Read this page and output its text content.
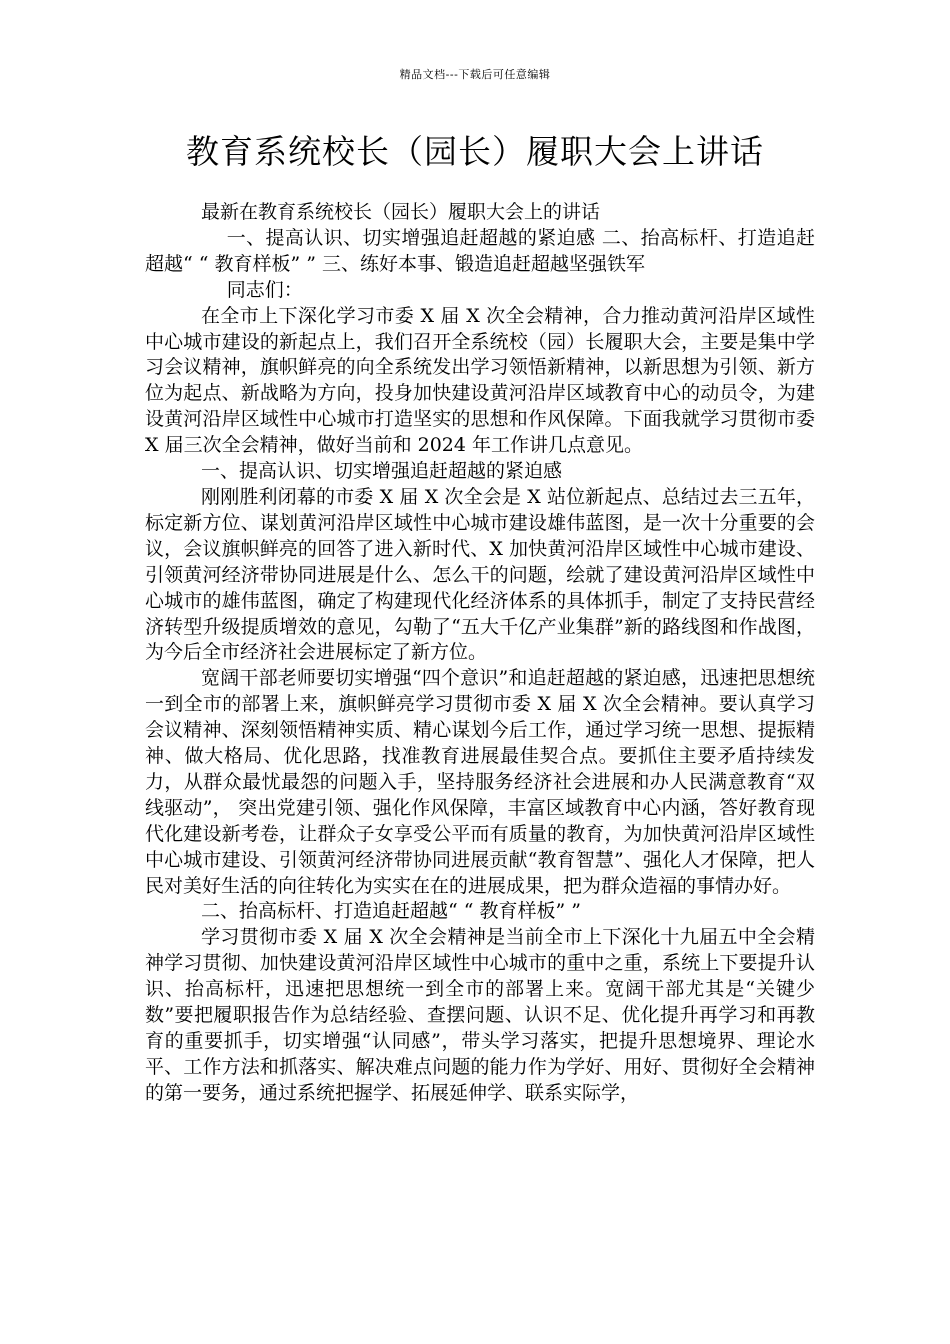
精品文档---下载后可任意编辑
教育系统校长（园长）履职大会上讲话

最新在教育系统校长（园长）履职大会上的讲话

一、提高认识、切实增强追赶超越的紧迫感 二、抬高标杆、打造追赶超越“ “ 教育样板” ” 三、练好本事、锻造追赶超越坚强铁军

同志们：

在全市上下深化学习市委 X 届 X 次全会精神，合力推动黄河沿岸区域性中心城市建设的新起点上，我们召开全系统校（园）长履职大会，主要是集中学习会议精神，旗帜鲜亮的向全系统发出学习领悟新精神，以新思想为引领、新方位为起点、新战略为方向，投身加快建设黄河沿岸区域教育中心的动员令，为建设黄河沿岸区域性中心城市打造坚实的思想和作风保障。下面我就学习贯彻市委 X 届三次全会精神，做好当前和 2024 年工作讲几点意见。

一、提高认识、切实增强追赶超越的紧迫感

刚刚胜利闭幕的市委 X 届 X 次全会是 X 站位新起点、总结过去三五年，标定新方位、谋划黄河沿岸区域性中心城市建设雄伟蓝图，是一次十分重要的会议，会议旗帜鲜亮的回答了进入新时代、X 加快黄河沿岸区域性中心城市建设、引领黄河经济带协同进展是什么、怎么干的问题，绘就了建设黄河沿岸区域性中心城市的雄伟蓝图，确定了构建现代化经济体系的具体抓手，制定了支持民营经济转型升级提质增效的意见，勾勒了“五大千亿产业集群”新的路线图和作战图，为今后全市经济社会进展标定了新方位。

宽阔干部老师要切实增强“四个意识”和追赶超越的紧迫感，迅速把思想统一到全市的部署上来，旗帜鲜亮学习贯彻市委 X 届 X 次全会精神。要认真学习会议精神、深刻领悟精神实质、精心谋划今后工作，通过学习统一思想、提振精神、做大格局、优化思路，找准教育进展最佳契合点。要抓住主要矛盾持续发力，从群众最忧最怨的问题入手，坚持服务经济社会进展和办人民满意教育“双线驱动”， 突出党建引领、强化作风保障，丰富区域教育中心内涵，答好教育现代化建设新考卷，让群众子女享受公平而有质量的教育，为加快黄河沿岸区域性中心城市建设、引领黄河经济带协同进展贡献“教育智慧”、强化人才保障，把人民对美好生活的向往转化为实实在在的进展成果，把为群众造福的事情办好。

二、抬高标杆、打造追赶超越“ “ 教育样板” ”

学习贯彻市委 X 届 X 次全会精神是当前全市上下深化十九届五中全会精神学习贯彻、加快建设黄河沿岸区域性中心城市的重中之重，系统上下要提升认识、抬高标杆，迅速把思想统一到全市的部署上来。宽阔干部尤其是“关键少数”要把履职报告作为总结经验、查摆问题、认识不足、优化提升再学习和再教育的重要抓手，切实增强“认同感”，带头学习落实，把提升思想境界、理论水平、工作方法和抓落实、解决难点问题的能力作为学好、用好、贯彻好全会精神的第一要务，通过系统把握学、拓展延伸学、联系实际学，
